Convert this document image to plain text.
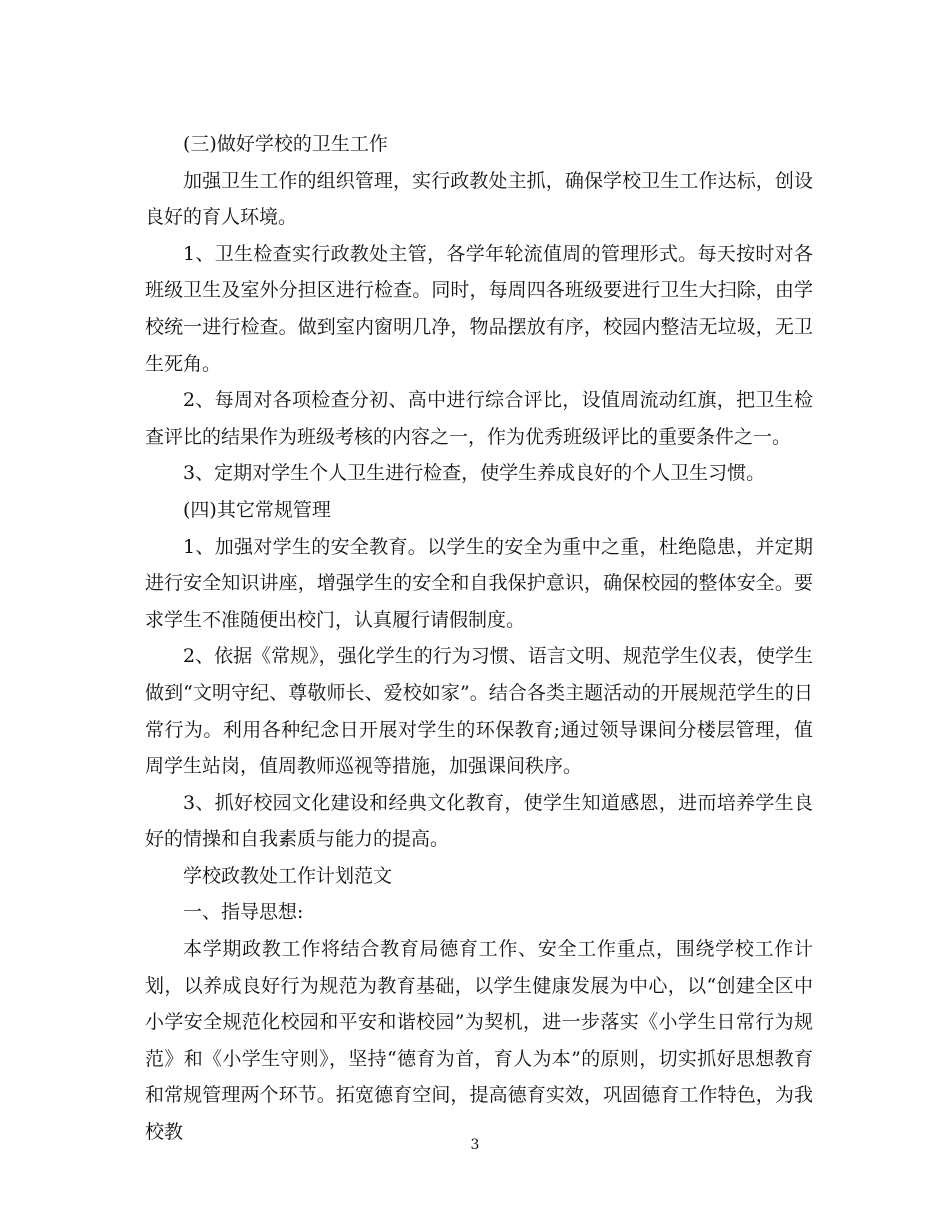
(三)做好学校的卫生工作

加强卫生工作的组织管理，实行政教处主抓，确保学校卫生工作达标，创设良好的育人环境。

1、卫生检查实行政教处主管，各学年轮流值周的管理形式。每天按时对各班级卫生及室外分担区进行检查。同时，每周四各班级要进行卫生大扫除，由学校统一进行检查。做到室内窗明几净，物品摆放有序，校园内整洁无垃圾，无卫生死角。

2、每周对各项检查分初、高中进行综合评比，设值周流动红旗，把卫生检查评比的结果作为班级考核的内容之一，作为优秀班级评比的重要条件之一。

3、定期对学生个人卫生进行检查，使学生养成良好的个人卫生习惯。

(四)其它常规管理

1、加强对学生的安全教育。以学生的安全为重中之重，杜绝隐患，并定期进行安全知识讲座，增强学生的安全和自我保护意识，确保校园的整体安全。要求学生不准随便出校门，认真履行请假制度。

2、依据《常规》，强化学生的行为习惯、语言文明、规范学生仪表，使学生做到“文明守纪、尊敬师长、爱校如家”。结合各类主题活动的开展规范学生的日常行为。利用各种纪念日开展对学生的环保教育;通过领导课间分楼层管理，值周学生站岗，值周教师巡视等措施，加强课间秩序。

3、抓好校园文化建设和经典文化教育，使学生知道感恩，进而培养学生良好的情操和自我素质与能力的提高。

学校政教处工作计划范文

一、指导思想:

本学期政教工作将结合教育局德育工作、安全工作重点，围绕学校工作计划，以养成良好行为规范为教育基础，以学生健康发展为中心，以“创建全区中小学安全规范化校园和平安和谐校园”为契机，进一步落实《小学生日常行为规范》和《小学生守则》，坚持“德育为首，育人为本”的原则，切实抓好思想教育和常规管理两个环节。拓宽德育空间，提高德育实效，巩固德育工作特色，为我校教

3
